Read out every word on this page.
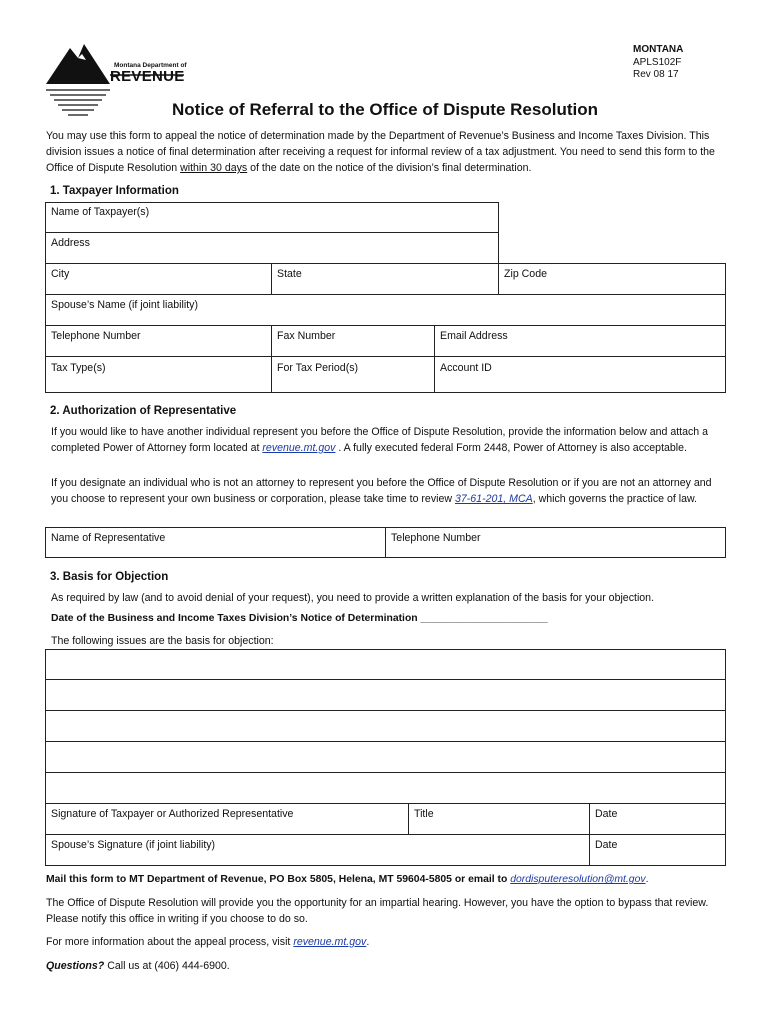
Montana Department of
REVENUE
MONTANA
APLS102F
Rev 08 17
Notice of Referral to the Office of Dispute Resolution
You may use this form to appeal the notice of determination made by the Department of Revenue’s Business and Income Taxes Division. This division issues a notice of final determination after receiving a request for informal review of a tax adjustment. You need to send this form to the Office of Dispute Resolution within 30 days of the date on the notice of the division’s final determination.
1. Taxpayer Information
Name of Taxpayer(s)
Address
City	State	Zip Code
Spouse’s Name (if joint liability)
Telephone Number	Fax Number	Email Address
Tax Type(s)	For Tax Period(s)	Account ID
2. Authorization of Representative
If you would like to have another individual represent you before the Office of Dispute Resolution, provide the information below and attach a completed Power of Attorney form located at revenue.mt.gov . A fully executed federal Form 2448, Power of Attorney is also acceptable.
If you designate an individual who is not an attorney to represent you before the Office of Dispute Resolution or if you are not an attorney and you choose to represent your own business or corporation, please take time to review 37-61-201, MCA, which governs the practice of law.
Name of Representative	Telephone Number
3. Basis for Objection
As required by law (and to avoid denial of your request), you need to provide a written explanation of the basis for your objection.
Date of the Business and Income Taxes Division’s Notice of Determination ______________________
The following issues are the basis for objection:
Signature of Taxpayer or Authorized Representative	Title	Date
Spouse’s Signature (if joint liability)	Date
Mail this form to MT Department of Revenue, PO Box 5805, Helena, MT 59604-5805 or email to dordisputeresolution@mt.gov.
The Office of Dispute Resolution will provide you the opportunity for an impartial hearing. However, you have the option to bypass that review. Please notify this office in writing if you choose to do so.
For more information about the appeal process, visit revenue.mt.gov.
Questions? Call us at (406) 444-6900.
